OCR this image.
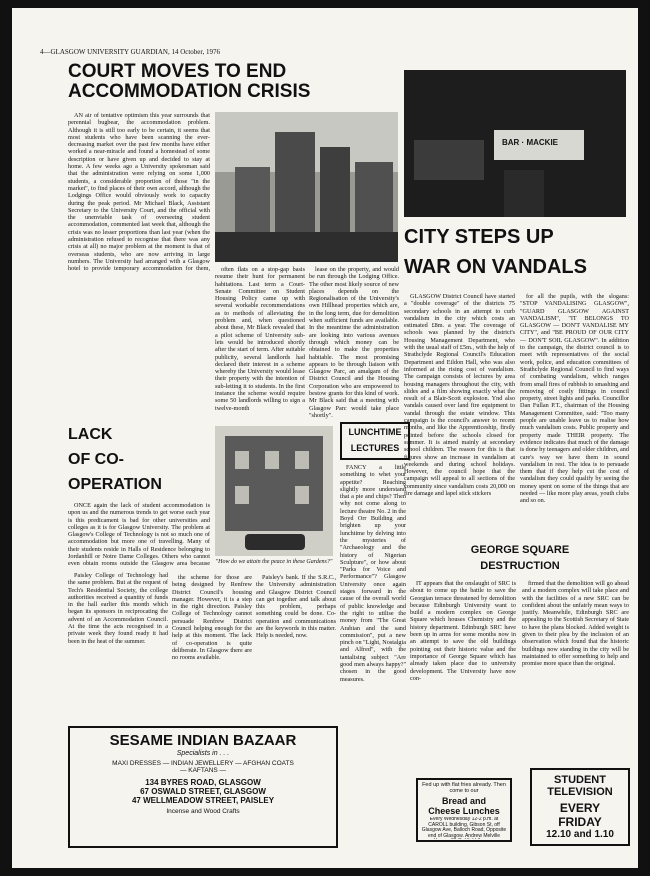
4—GLASGOW UNIVERSITY GUARDIAN, 14 October, 1976
COURT MOVES TO END
ACCOMMODATION CRISIS

AN air of tentative optimism this year surrounds that perennial bugbear, the accommodation problem. Although it is still too early to be certain, it seems that most students who have been scanning the ever-decreasing market over the past few months have either worked a near-miracle and found a homestead of some description or have given up and decided to stay at home. A few weeks ago a University spokesman said that the administration were relying on some 1,000 students, a considerable proportion of those "in the market", to find places of their own accord, although the Lodgings Office would obviously work to capacity during the peak period. Mr Michael Black, Assistant Secretary to the University Court, and the official with the unenviable task of overseeing student accommodation, commented last week that, although the crisis was no lesser proportions than last year (when the administration refused to recognise that there was any crisis at all) no major problem at the moment is that of overseas students, who are now arriving in large numbers. The University had arranged with a Glasgow hotel to provide temporary accommodation for them,	often flats on a stop-gap basis resume their hunt for permanent habitations. Last term a Court-Senate Committee on Student Housing Policy came up with several workable recommendations as to methods of alleviating the problem and, when questioned about these, Mr Black revealed that a pilot scheme of University sub-lets would be introduced shortly after the start of term. After suitable publicity, several landlords had declared their interest in a scheme whereby the University would lease their property with the intention of sub-letting it to students. In the first instance the scheme would require some 50 landlords willing to sign a twelve-month

lease on the property, and would be run through the Lodging Office. The other most likely source of new places depends on the Regionalisation of the University's own Hillhead properties which are, in the long term, due for demolition when sufficient funds are available. In the meantime the administration are looking into various avenues through which money can be obtained to make the properties habitable. The most promising appears to be through liaison with Glasgow Parc, an amalgam of the District Council and the Housing Corporation who are empowered to bestow grants for this kind of work. Mr Black said that a meeting with Glasgow Parc would take place "shortly".

BAR · MACKIE
CITY STEPS UP
WAR ON VANDALS

GLASGOW District Council have started a "double coverage" of the districts 75 secondary schools in an attempt to curb vandalism in the city which costs an estimated £8m. a year. The coverage of schools was planned by the district's Housing Management Department, who with the usual staff of £5m., with the help of Strathclyde Regional Council's Education Department and Eildon Hall, who was also informed at the rising cost of vandalism. The campaign consists of lectures by area housing managers throughout the city, with slides and a film showing exactly what the result of a Blair-Scott explosion. Ynd also vandals caused over land fire equipment to vandal through the estate window. This campaign is the council's answer to recent months, and like the Apprenticeship, firstly pointed before the schools closed for summer. It is aimed mainly at secondary school children. The reason for this is that figures show an increase in vandalism at weekends and during school holidays. However, the council hope that the campaign will appeal to all sections of the community since vandalism costs 20,000 on fire damage and lapel stick stickers

for all the pupils, with the slogans: "STOP VANDALISING GLASGOW", "GUARD GLASGOW AGAINST VANDALISM", "IT BELONGS TO GLASGOW — DON'T VANDALISE MY CITY", and "BE PROUD OF OUR CITY — DON'T SOIL GLASGOW". In addition to the campaign, the district council is to meet with representatives of the social work, police, and education committees of Strathclyde Regional Council to find ways of combating vandalism, which ranges from small fires of rubbish to smashing and removing of costly fittings in council property, street lights and parks. Councillor Dan Fullan P.T., chairman of the Housing Management Committee, said: "Too many people are unable leave us to realise how much vandalism costs. Public property and property made THEIR property. The evidence indicates that much of the damage is done by teenagers and older children, and care's way we have them in sound vandalism in rest. The idea is to persuade them that if they help cut the cost of vandalism they could qualify by seeing the money spent on some of the things that are needed — like more play areas, youth clubs and so on.

LACK
OF CO-
OPERATION
"How do we attain the peace in these Gardens?"

ONCE again the lack of student accommodation is upon us and the numerous trends to get worse each year is this predicament is bad for other universities and colleges as it is for Glasgow University. The problem at Glasgow's College of Technology is not so much one of accommodation but more one of travelling. Many of their students reside in Halls of Residence belonging to Jordanhill or Notre Dame Colleges. Others who cannot even obtain rooms outside the Glasgow area because

Paisley College of Technology had the same problem. But at the request of Tech's Residential Society, the college authorities received a quantity of funds in the hall earlier this month which began its sponsors in reciprocating the advent of an Accommodation Council. At the time the acts recognised in a private week they found ready it had been in the heat of the summer.

the scheme for those are being designed by Renfrew District Council's housing manager. However, it is a step in the right direction. Paisley College of Technology cannot persuade Renfrew District Council helping enough for the help at this moment. The lack of co-operation is quite deliberate. In Glasgow there are no rooms available.

Paisley's bank. If the S.R.C., the University administration and Glasgow District Council can get together and talk about this problem, perhaps something could be done. Co-operation and communications are the keywords in this matter. Help is needed, now.

LUNCHTIME
LECTURES

FANCY a little something to whet your appetite? Reaching slightly more understand that a pie and chips? Then why not come along to lecture theatre No. 2 in the Boyd Orr Building and brighten up your lunchtime by delving into the mysteries of "Archaeology and the history of Nigerian Sculpture", or how about "Parks for Voice and Performance"? Glasgow University once again stages forward in the cause of the overall world of public knowledge and the right to utilise the money from "The Great Arabian and the sand commission", put a new pinch on "Light, Nostalgia and Alfred", with the tantalising subject "Are good men always happy?" chosen in the good measures.

GEORGE SQUARE
DESTRUCTION

IT appears that the onslaught of SRC is about to come up the battle to save the Georgian terrace threatened by demolition because Edinburgh University want to build a modern complex on George Square which houses Chemistry and the history department. Edinburgh SRC have been up in arms for some months now in an attempt to save the old buildings pointing out their historic value and the importance of George Square which has already taken place due to university development. The University have now con-

firmed that the demolition will go ahead and a modern complex will take place and with the facilities of a new SRC can be confident about the unfairly mean ways to justify. Meanwhile, Edinburgh SRC are appealing to the Scottish Secretary of State to have the plans blocked. Added weight is given to their plea by the inclusion of an observation which found that the historic buildings now standing in the city will be maintained to offer something to help and promise more space than the original.

SESAME INDIAN BAZAAR
Specialists in . . .
MAXI DRESSES — INDIAN JEWELLERY — AFGHAN COATS
— KAFTANS —
134 BYRES ROAD, GLASGOW
67 OSWALD STREET, GLASGOW
47 WELLMEADOW STREET, PAISLEY
Incense and Wood Crafts
Fed up with flat fries already. Then come to our
Bread and
Cheese Lunches
Every Wednesday 12-2 p.m. at CAROLL building, Gibson St, off Glasgow Ave, Balloch Road, Opposite end of Glasgow. Andrew Melville
STUDENT
TELEVISION
EVERY
FRIDAY
12.10 and 1.10
